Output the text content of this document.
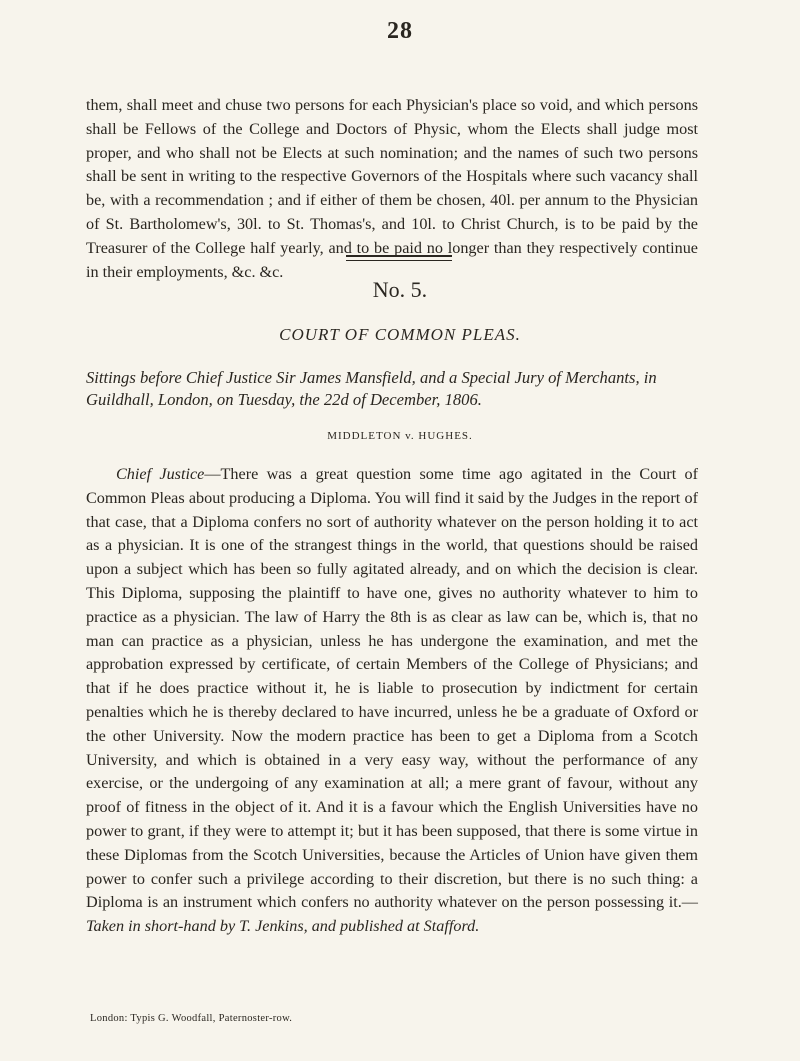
28

them, shall meet and chuse two persons for each Physician's place so void, and which persons shall be Fellows of the College and Doctors of Physic, whom the Elects shall judge most proper, and who shall not be Elects at such nomination; and the names of such two persons shall be sent in writing to the respective Governors of the Hospitals where such vacancy shall be, with a recommendation ; and if either of them be chosen, 40l. per annum to the Physician of St. Bartholomew's, 30l. to St. Thomas's, and 10l. to Christ Church, is to be paid by the Treasurer of the College half yearly, and to be paid no longer than they respectively continue in their employments, &c. &c.

No. 5.
COURT OF COMMON PLEAS.

Sittings before Chief Justice Sir James Mansfield, and a Special Jury of Merchants, in Guildhall, London, on Tuesday, the 22d of December, 1806.

MIDDLETON v. HUGHES.

Chief Justice—There was a great question some time ago agitated in the Court of Common Pleas about producing a Diploma. You will find it said by the Judges in the report of that case, that a Diploma confers no sort of authority whatever on the person holding it to act as a physician. It is one of the strangest things in the world, that questions should be raised upon a subject which has been so fully agitated already, and on which the decision is clear. This Diploma, supposing the plaintiff to have one, gives no authority whatever to him to practice as a physician. The law of Harry the 8th is as clear as law can be, which is, that no man can practice as a physician, unless he has undergone the examination, and met the approbation expressed by certificate, of certain Members of the College of Physicians; and that if he does practice without it, he is liable to prosecution by indictment for certain penalties which he is thereby declared to have incurred, unless he be a graduate of Oxford or the other University. Now the modern practice has been to get a Diploma from a Scotch University, and which is obtained in a very easy way, without the performance of any exercise, or the undergoing of any examination at all; a mere grant of favour, without any proof of fitness in the object of it. And it is a favour which the English Universities have no power to grant, if they were to attempt it; but it has been supposed, that there is some virtue in these Diplomas from the Scotch Universities, because the Articles of Union have given them power to confer such a privilege according to their discretion, but there is no such thing: a Diploma is an instrument which confers no authority whatever on the person possessing it.—Taken in short-hand by T. Jenkins, and published at Stafford.

London: Typis G. Woodfall, Paternoster-row.
